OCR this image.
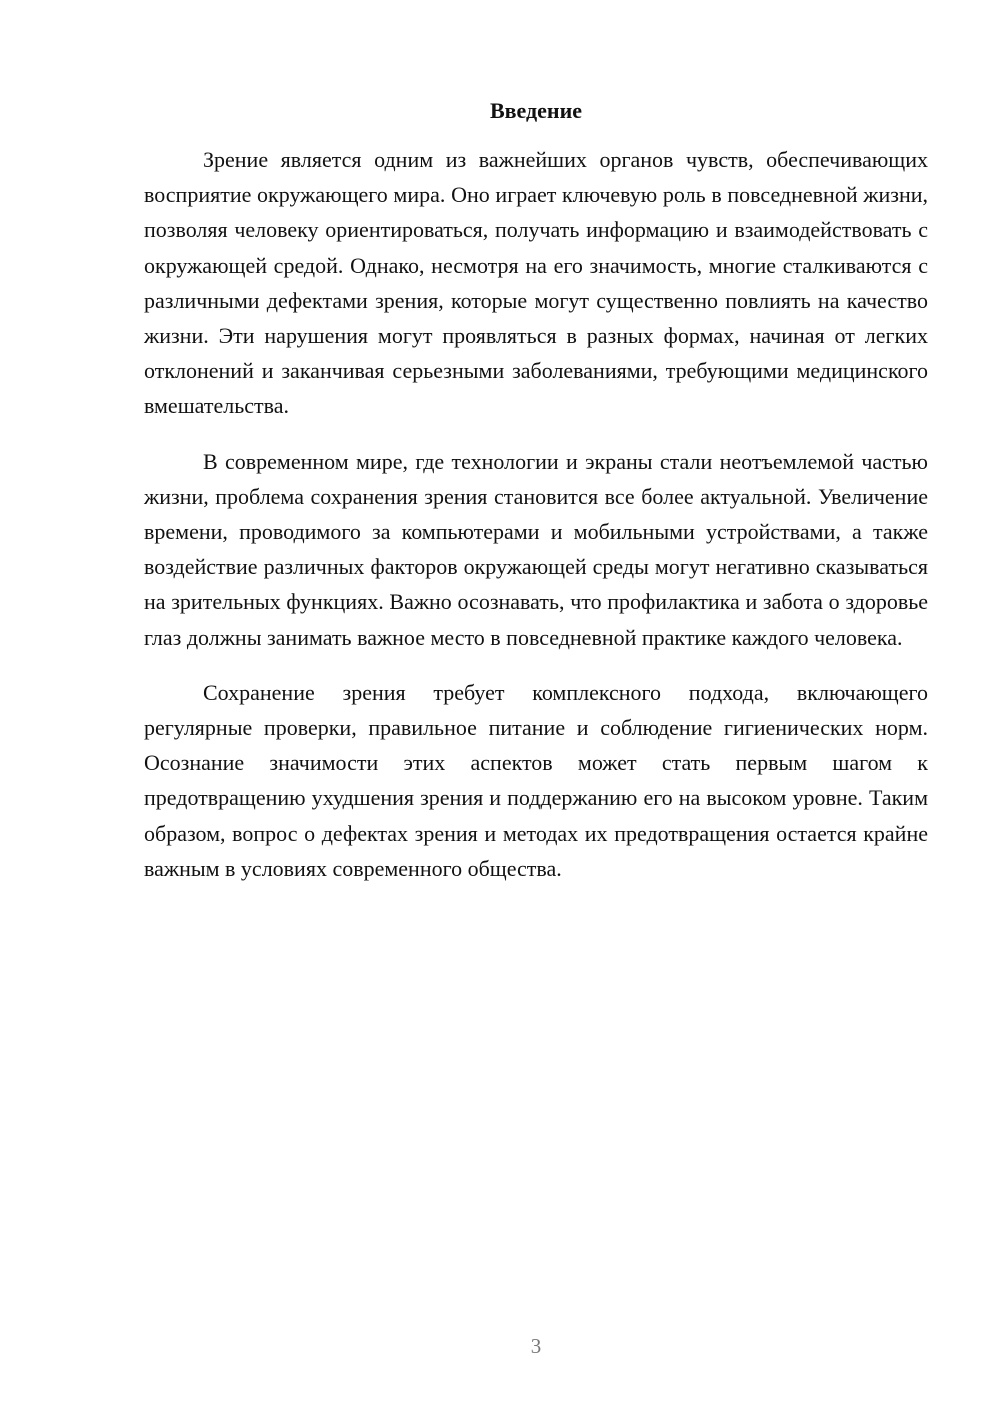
Введение

Зрение является одним из важнейших органов чувств, обеспечивающих восприятие окружающего мира. Оно играет ключевую роль в повседневной жизни, позволяя человеку ориентироваться, получать информацию и взаимодействовать с окружающей средой. Однако, несмотря на его значимость, многие сталкиваются с различными дефектами зрения, которые могут существенно повлиять на качество жизни. Эти нарушения могут проявляться в разных формах, начиная от легких отклонений и заканчивая серьезными заболеваниями, требующими медицинского вмешательства.

В современном мире, где технологии и экраны стали неотъемлемой частью жизни, проблема сохранения зрения становится все более актуальной. Увеличение времени, проводимого за компьютерами и мобильными устройствами, а также воздействие различных факторов окружающей среды могут негативно сказываться на зрительных функциях. Важно осознавать, что профилактика и забота о здоровье глаз должны занимать важное место в повседневной практике каждого человека.

Сохранение зрения требует комплексного подхода, включающего регулярные проверки, правильное питание и соблюдение гигиенических норм. Осознание значимости этих аспектов может стать первым шагом к предотвращению ухудшения зрения и поддержанию его на высоком уровне. Таким образом, вопрос о дефектах зрения и методах их предотвращения остается крайне важным в условиях современного общества.

3
